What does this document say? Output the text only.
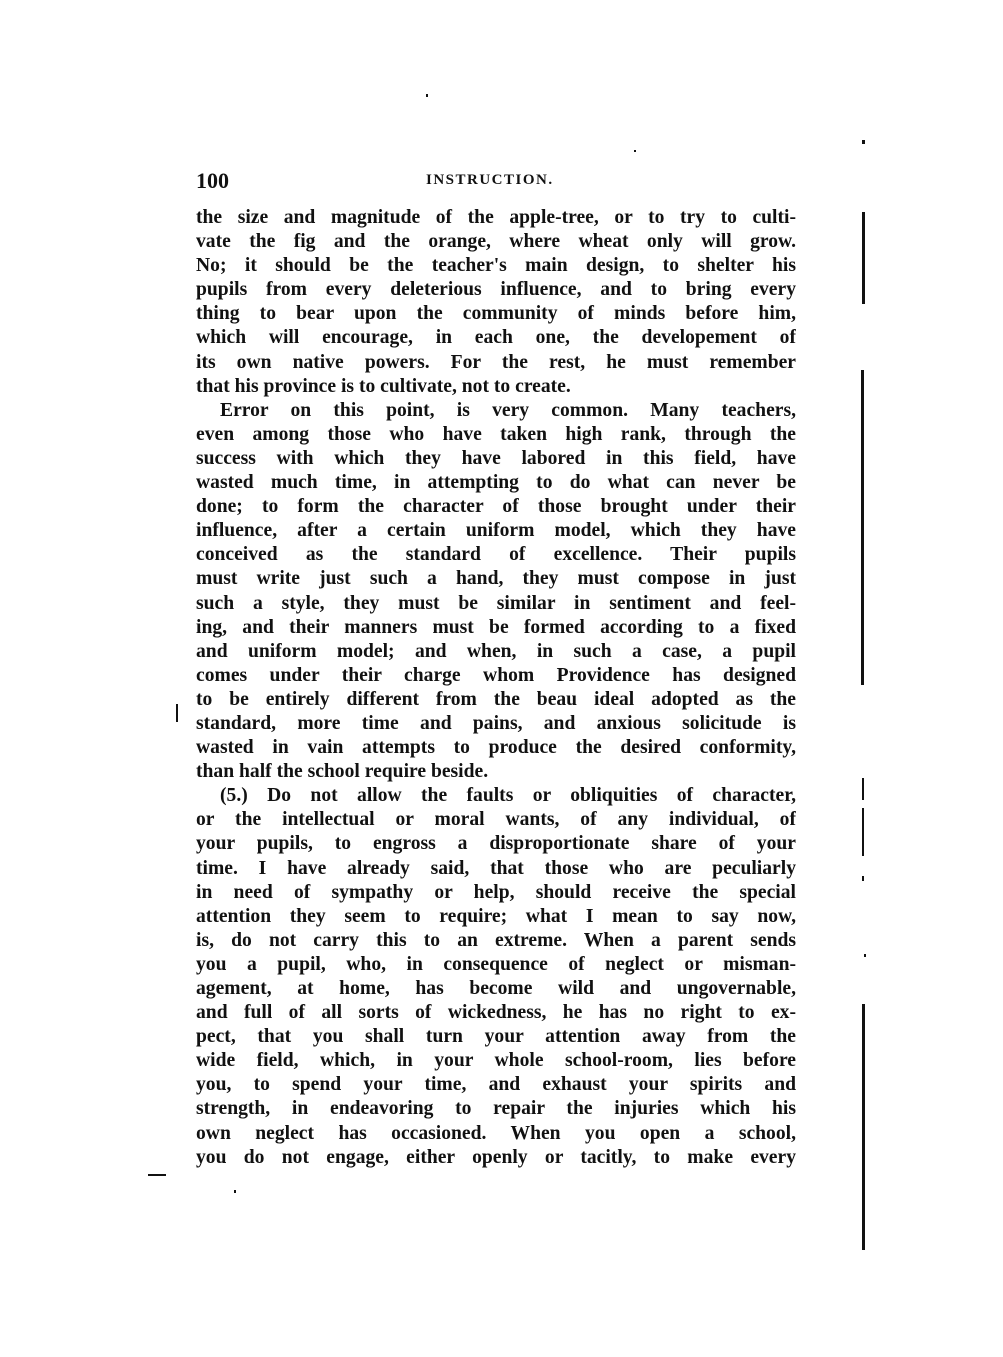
100	INSTRUCTION.
the size and magnitude of the apple-tree, or to try to culti-
vate the fig and the orange, where wheat only will grow.
No; it should be the teacher's main design, to shelter his
pupils from every deleterious influence, and to bring every
thing to bear upon the community of minds before him,
which will encourage, in each one, the developement of
its own native powers. For the rest, he must remember
that his province is to cultivate, not to create.
Error on this point, is very common. Many teachers,
even among those who have taken high rank, through the
success with which they have labored in this field, have
wasted much time, in attempting to do what can never be
done; to form the character of those brought under their
influence, after a certain uniform model, which they have
conceived as the standard of excellence. Their pupils
must write just such a hand, they must compose in just
such a style, they must be similar in sentiment and feel-
ing, and their manners must be formed according to a fixed
and uniform model; and when, in such a case, a pupil
comes under their charge whom Providence has designed
to be entirely different from the beau ideal adopted as the
standard, more time and pains, and anxious solicitude is
wasted in vain attempts to produce the desired conformity,
than half the school require beside.
(5.) Do not allow the faults or obliquities of character,
or the intellectual or moral wants, of any individual, of
your pupils, to engross a disproportionate share of your
time. I have already said, that those who are peculiarly
in need of sympathy or help, should receive the special
attention they seem to require; what I mean to say now,
is, do not carry this to an extreme. When a parent sends
you a pupil, who, in consequence of neglect or misman-
agement, at home, has become wild and ungovernable,
and full of all sorts of wickedness, he has no right to ex-
pect, that you shall turn your attention away from the
wide field, which, in your whole school-room, lies before
you, to spend your time, and exhaust your spirits and
strength, in endeavoring to repair the injuries which his
own neglect has occasioned. When you open a school,
you do not engage, either openly or tacitly, to make every
